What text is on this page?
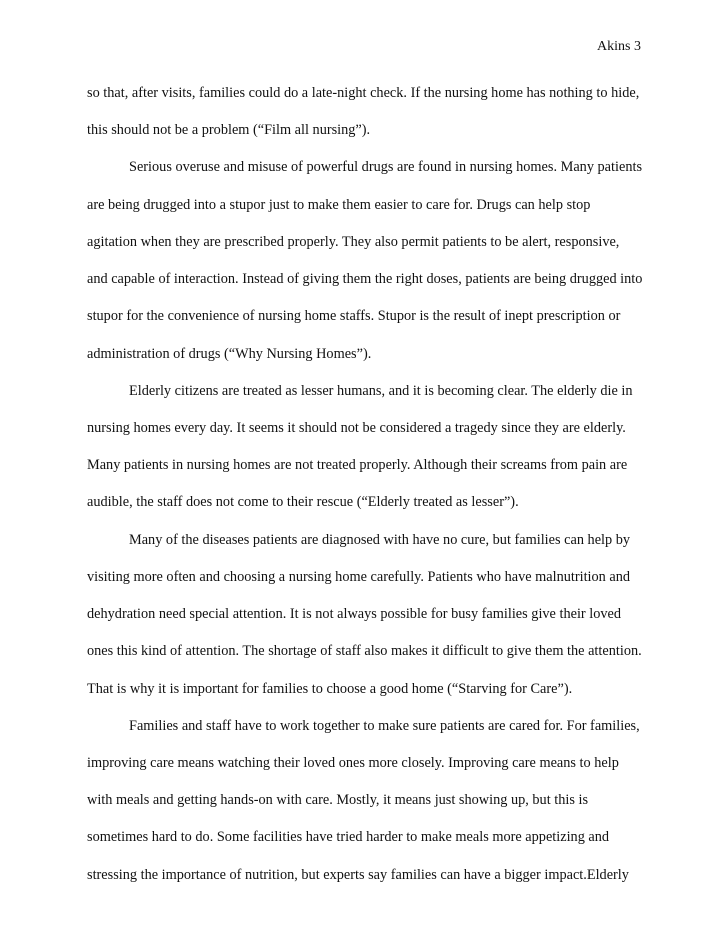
Akins 3
so that, after visits, families could do a late-night check. If the nursing home has nothing to hide,
this should not be a problem (“Film all nursing”).
Serious overuse and misuse of powerful drugs are found in nursing homes. Many patients
are being drugged into a stupor just to make them easier to care for. Drugs can help stop
agitation when they are prescribed properly. They also permit patients to be alert, responsive,
and capable of interaction. Instead of giving them the right doses, patients are being drugged into
stupor for the convenience of nursing home staffs. Stupor is the result of inept prescription or
administration of drugs (“Why Nursing Homes”).
Elderly citizens are treated as lesser humans, and it is becoming clear. The elderly die in
nursing homes every day. It seems it should not be considered a tragedy since they are elderly.
Many patients in nursing homes are not treated properly. Although their screams from pain are
audible, the staff does not come to their rescue (“Elderly treated as lesser”).
Many of the diseases patients are diagnosed with have no cure, but families can help by
visiting more often and choosing a nursing home carefully. Patients who have malnutrition and
dehydration need special attention. It is not always possible for busy families give their loved
ones this kind of attention. The shortage of staff also makes it difficult to give them the attention.
That is why it is important for families to choose a good home (“Starving for Care”).
Families and staff have to work together to make sure patients are cared for. For families,
improving care means watching their loved ones more closely. Improving care means to help
with meals and getting hands-on with care. Mostly, it means just showing up, but this is
sometimes hard to do. Some facilities have tried harder to make meals more appetizing and
stressing the importance of nutrition, but experts say families can have a bigger impact.Elderly
